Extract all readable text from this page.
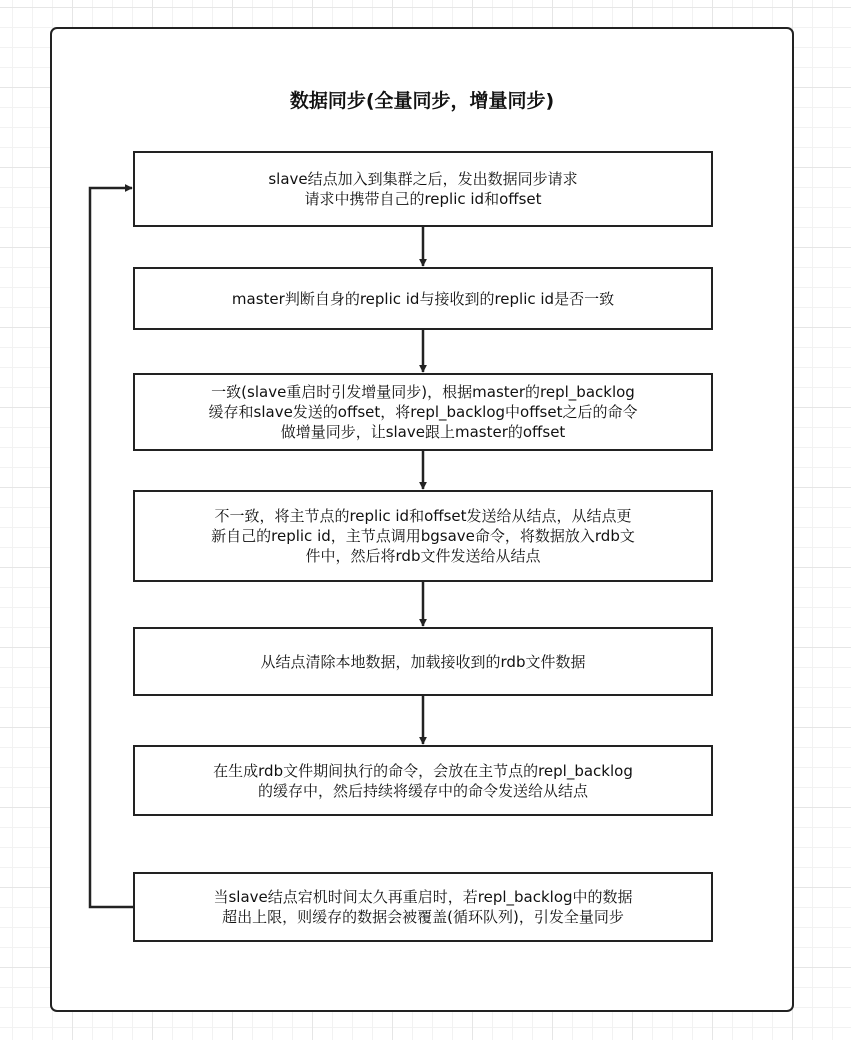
数据同步(全量同步，增量同步)
slave结点加入到集群之后，发出数据同步请求
请求中携带自己的replic id和offset
master判断自身的replic id与接收到的replic id是否一致
一致(slave重启时引发增量同步)，根据master的repl_backlog
缓存和slave发送的offset，将repl_backlog中offset之后的命令
做增量同步，让slave跟上master的offset
不一致，将主节点的replic id和offset发送给从结点，从结点更
新自己的replic id，主节点调用bgsave命令，将数据放入rdb文
件中，然后将rdb文件发送给从结点
从结点清除本地数据，加载接收到的rdb文件数据
在生成rdb文件期间执行的命令，会放在主节点的repl_backlog
的缓存中，然后持续将缓存中的命令发送给从结点
当slave结点宕机时间太久再重启时，若repl_backlog中的数据
超出上限，则缓存的数据会被覆盖(循环队列)，引发全量同步
